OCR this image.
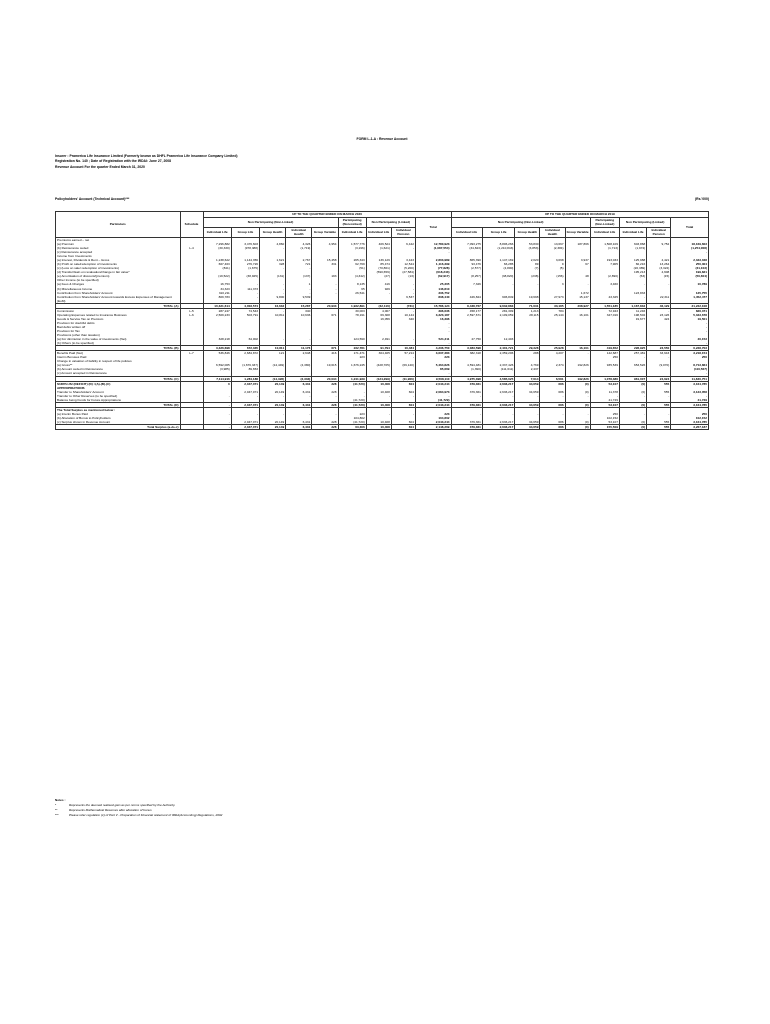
FORM L-1-A : Revenue Account
Insurer : Pramerica Life Insurance Limited (Formerly known as DHFL Pramerica Life Insurance Company Limited)
Registration No. 140 ; Date of Registration with the IRDAI: June 27, 2008
Revenue Account For the quarter Ended March 31, 2020
Policyholders' Account (Technical Account)***	(Rs.'000)
Particulars	Schedule	UP TO THE QUARTER ENDED ON MARCH 2020									UP TO THE QUARTER ENDED ON MARCH 2019								
		Non Participating (Non-Linked)					Participating (Non-Linked)	Non Participating (Linked)		Total	Non Participating (Non-Linked)					Participating (Non-Linked)	Non Participating (Linked)		Total
		Individual Life	Group Life	Group Health	Individual Health	Group Variable	Individual Life	Individual Life	Individual Pension		Individual Life	Group Life	Group Health	Individual Health	Group Variable	Individual Life	Individual Life	Individual Pension	
Premiums earned – net																			
(a) Premium		7,296,882	3,476,603	4,860	4,326	4,954	1,577,776	406,524	6,442	12,780,923	7,093,275	8,806,266	53,830	13,667	187,866	1,508,109	603,868	9,752	18,169,603
(b) Reinsurance ceded	L-4	(30,330)	(978,388)	-	(1,719)		(3,196)	(1,621)	-	(1,087,554)	(34,843)	(1,210,843)	(3,853)	(2,384)		(1,713)	(1,974)		(1,254,008)
(c) Reinsurance accepted										-									-
Income from Investments																			
(a) Interest, Dividends & Rent – Gross		1,238,622	1,144,356	1,621	2,767	15,458	265,343	136,129	3,443	2,803,989	865,390	1,147,169	2,020	3,098	3,937	193,033	125,988	4,421	2,343,048
(b) Profit on sale/redemption of investments		667,463	276,726	328	721	331	62,769	85,474	12,544	1,116,399	93,476	66,285	89	9	67	7,905	66,216	13,264	250,304
(c) (Loss on sale/ redemption of investments)		(841)	(1,675)	-	-		(51)	(70,861)	(5,200)	(77,828)	(2,577)	(4,800)	(7)	(5)			(20,389)	(3,322)	(31,103)
(d) Transfer/Gain on revaluation/change in fair value*								(590,659)	(27,584)	(618,243)							195,213	4,608	199,821
(e) Amortisation of discount/(premium)		(19,522)	(38,925)	(131)	(137)	193	(4,342)	(27)	(13)	(62,917)	(8,257)	(38,820)	(238)	(156)	48	(2,890)	(53)	(15)	(50,604)

Other Income (to be specified)																			
(a) Fees & Charges		16,753	-	-	1	-	8,135	416	-	25,305	7,326	-	-	3	-	3,460	-	-	10,789
(b) Miscellaneous Income		34,323	111,373	-	-	-	65	929	-	146,810									
Contribution from Shareholders' Account		310,211	-	-	-	-	26,541	-	-	336,752					1,672		123,833		125,755
Contribution from Shareholders' Account towards Excess Expenses of Management (EoM)		809,783	-	9,800	9,539				9,537	838,440	426,824	906,849	19,698	27,973	15,137	43,325	-	22,311	1,452,477
TOTAL (A)		10,321,614	4,003,574	16,632	15,287	20,933	1,932,891	(32,116)	(731)	15,786,124	8,438,767	9,632,883	71,631	33,185	208,927	1,551,185	1,167,832	46,129	21,222,108
Commission	L-5	287,247	74,543	-	340		30,003	4,007	-	396,636	458,177	281,309	1,213	784		72,943	11,246	-	826,371
Operating Expenses related to Insurance Business	L-6	2,509,233	503,791	10,811	10,636	671	78,191	69,308	10,144	3,323,187	2,597,671	2,109,059	28,115	25,144	16,101	347,016	198,502	23,126	5,343,678
Goods & Service Tax on Premium								16,056	340	16,396							19,677	424	19,501
Provision for doubtful debts										-									-
Bad debts written off										-									-
Provision for Tax										-									-
Provisions (other than taxation)																			
(a) For diminution in the value of investments (Net)		328,218	64,002	-	-		124,590	2,491	-	521,211	27,750	12,403							40,153
(b) Others (to be specified)										-									-
TOTAL (B)		3,326,698	672,335	10,811	11,176	671	232,781	91,794	10,484	4,236,750	3,083,598	2,401,721	29,328	25,928	16,101	419,652	228,925	23,550	6,228,703
Benefits Paid (Net)	L-7	536,846	2,684,872	121	2,648	416	171,471	304,405	57,214	3,637,383	382,318	2,359,206	288	4,207	-	142,687	257,481	33,643	3,218,154
Interim Bonuses Paid							223	-	-	223						250	-	-	250
Change in valuation of liability in respect of life policies																			
(a) Gross**		6,592,005	(1,676,337)	(14,449)	(4,380)	19,615	1,676,245	(428,705)	(69,120)	5,464,826	4,594,481	2,337,426	4,769	2,374	192,826	935,539	653,526	(9,070)	8,713,864
(b) Amount ceded in Reinsurance		(3,985)	89,653							85,669	(1,390)	(111,611)	2,437						(110,567)
(c) Amount accepted in Reinsurance										-									-
TOTAL (C)		7,114,916	1,284,188	(14,328)	(2,333)	20,034	1,241,939	(124,299)	(11,906)	9,508,110	4,975,398	4,585,025	7,614	6,581	192,826	1,078,386	961,007	24,624	11,830,751

SURPLUS/ (DEFICIT) (D) =(A)-(B)-(C)		0	2,047,071	20,149	6,431	228	(41,720)	10,408	604	2,043,244	379,361	2,636,217	34,659	686	(0)	53,107	(0)	555	3,164,785

APPROPRIATIONS																			
Transfer to Shareholders' Account			2,047,071	20,149	6,431	228	-	10,408	604	2,084,973	379,361	2,636,217	34,659	686	(0)	11,378	(0)	555	3,123,058
Transfer to Other Reserves (to be specified)		-	-	-	-	-	-	-	-	-	-	-	-	-	-	-	-	-	-
Balance being Funds for Future Appropriations							(41,720)			(41,729)						41,729			41,729
TOTAL (D)		-	2,047,071	20,149	6,431	228	(41,720)	10,408	604	2,043,244	379,361	2,636,217	34,659	686	(0)	53,107	(0)	555	3,164,785
The Total Surplus as mentioned below :																			
(a) Interim Bonus Paid		-	-	-	-	-	223	-	-	223	-	-	-	-	-	250	-	-	250
(b) Allocation of Bonus to Policyholders							104,802			104,802						102,152			102,152
(c) Surplus shown in Revenue Account		-	2,047,071	20,149	6,431	228	(41,720)	10,408	604	2,043,244	379,361	2,636,217	34,659	686	(0)	53,107	(0)	555	3,164,785
Total Surplus (a+b+c)		-	2,047,071	20,149	6,431	228	63,306	10,408	604	2,148,269	379,361	2,636,217	34,659	686	(0)	155,509	(0)	555	3,267,187
Notes :
*	Represents the deemed realised gain as per norms specified by the Authority.
**	Represents Mathematical Reserves after allocation of bonus
***	Please refer regulation (1) of Part V - Preparation of Financial statement of IRDA(Accounting) Regulations, 2002
